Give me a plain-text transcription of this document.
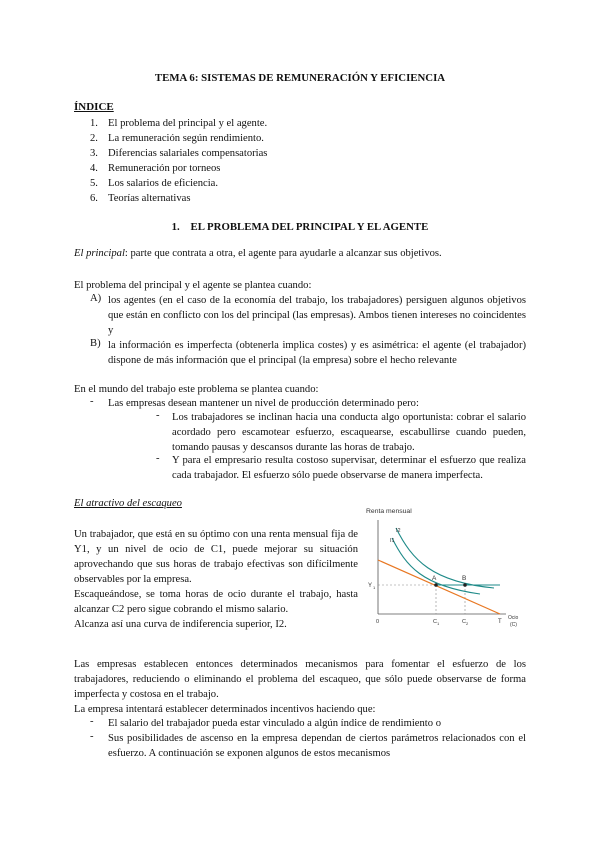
TEMA 6: SISTEMAS DE REMUNERACIÓN Y EFICIENCIA
ÍNDICE
1. El problema del principal y el agente.
2. La remuneración según rendimiento.
3. Diferencias salariales compensatorias
4. Remuneración por torneos
5. Los salarios de eficiencia.
6. Teorías alternativas
1. EL PROBLEMA DEL PRINCIPAL Y EL AGENTE
El principal: parte que contrata a otra, el agente para ayudarle a alcanzar sus objetivos.
El problema del principal y el agente se plantea cuando:
A) los agentes (en el caso de la economía del trabajo, los trabajadores) persiguen algunos objetivos que están en conflicto con los del principal (las empresas). Ambos tienen intereses no coincidentes y
B) la información es imperfecta (obtenerla implica costes) y es asimétrica: el agente (el trabajador) dispone de más información que el principal (la empresa) sobre el hecho relevante
En el mundo del trabajo este problema se plantea cuando:
- Las empresas desean mantener un nivel de producción determinado pero:
- Los trabajadores se inclinan hacia una conducta algo oportunista: cobrar el salario acordado pero escamotear esfuerzo, escaquearse, escabullirse cuando pueden, tomando pausas y descansos durante las horas de trabajo.
- Y para el empresario resulta costoso supervisar, determinar el esfuerzo que realiza cada trabajador. El esfuerzo sólo puede observarse de manera imperfecta.
El atractivo del escaqueo
Un trabajador, que está en su óptimo con una renta mensual fija de Y1, y un nivel de ocio de C1, puede mejorar su situación aprovechando que sus horas de trabajo efectivas son difícilmente observables por la empresa.
Escaqueándose, se toma horas de ocio durante el trabajo, hasta alcanzar C2 pero sigue cobrando el mismo salario.
Alcanza así una curva de indiferencia superior, I2.
Renta mensual
A	B
I2
I1
Y 1
0	C 1	C 2	T
Ocio
(C)
Las empresas establecen entonces determinados mecanismos para fomentar el esfuerzo de los trabajadores, reduciendo o eliminando el problema del escaqueo, que sólo puede observarse de forma imperfecta y costosa en el trabajo.
La empresa intentará establecer determinados incentivos haciendo que:
- El salario del trabajador pueda estar vinculado a algún índice de rendimiento o
- Sus posibilidades de ascenso en la empresa dependan de ciertos parámetros relacionados con el esfuerzo. A continuación se exponen algunos de estos mecanismos
